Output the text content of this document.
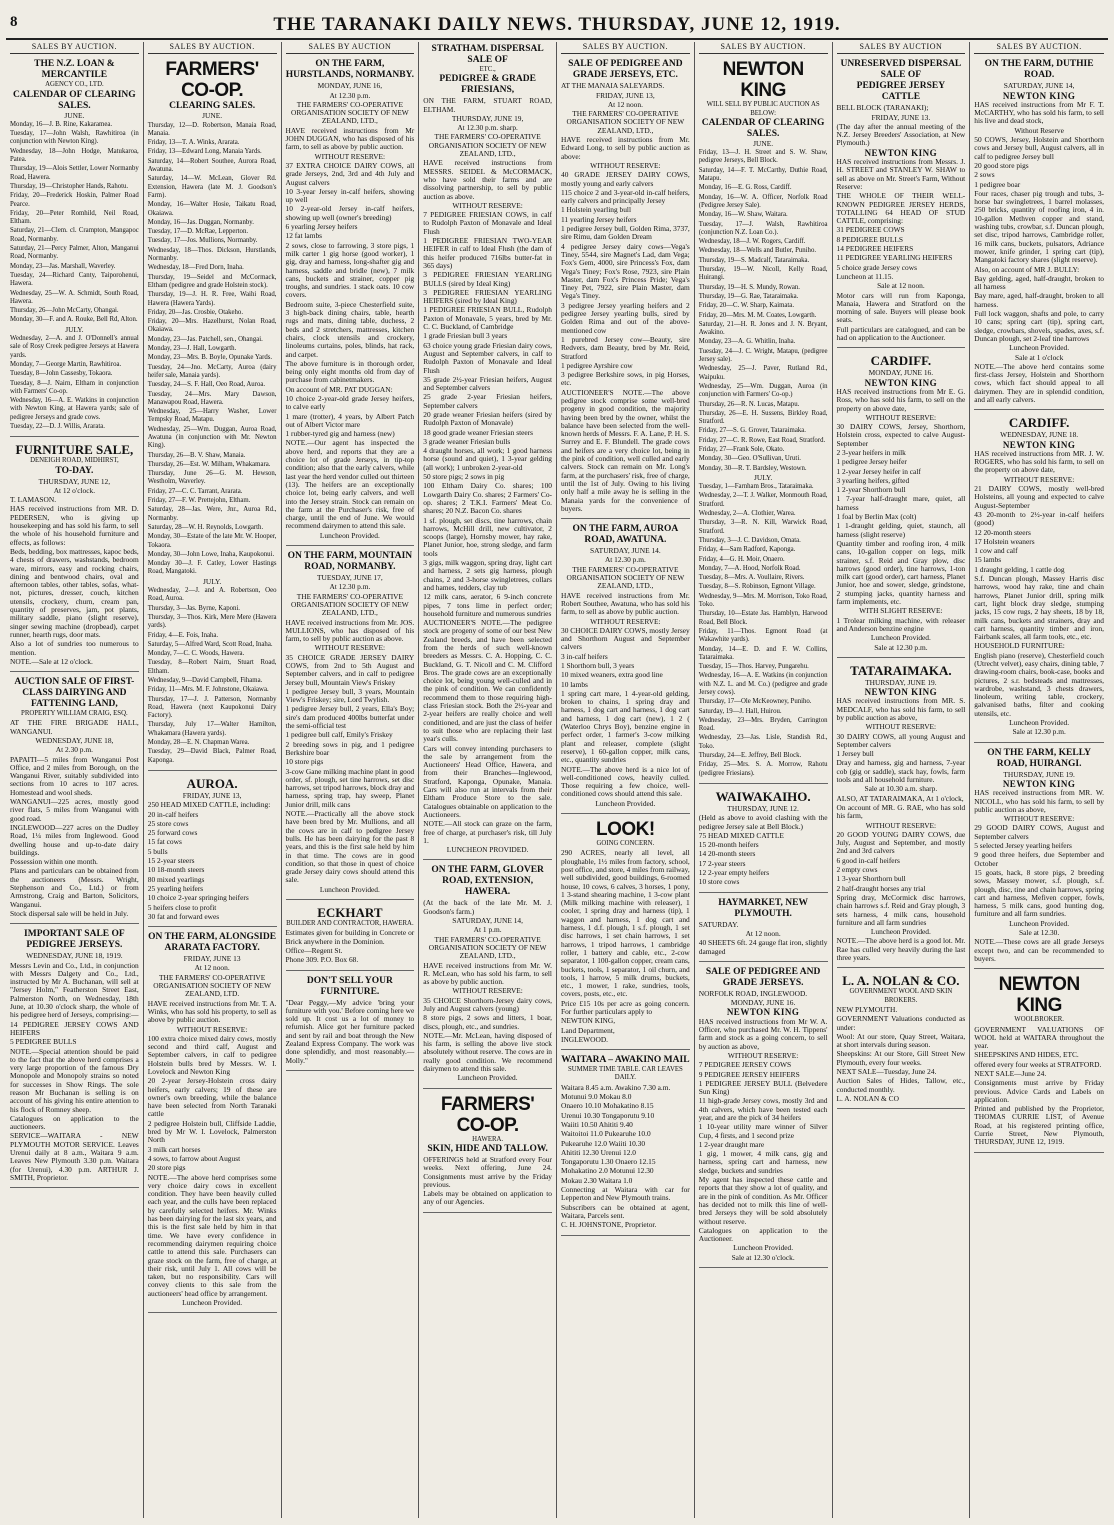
8	THE TARANAKI DAILY NEWS. THURSDAY, JUNE 12, 1919.
SALES BY AUCTION.
THE N.Z. LOAN & MERCANTILE
AGENCY CO., LTD.
CALENDAR OF CLEARING SALES.
JUNE.

Monday, 16—J. B. Rine, Kakaramea.

Tuesday, 17—John Walsh, Rawhitiroa (in conjunction with Newton King).

Wednesday, 18—John Hodge, Matukaroa, Patea.

Thursday, 19—Alois Settler, Lower Normanby Road, Hawera.

Thursday, 19—Christopher Hands, Rahotu.

Friday, 20—Frederick Hoskin, Palmer Road Pearce.

Friday, 20—Peter Romhild, Neil Road, Eltham.

Saturday, 21—Clem. cl. Crampton, Mangapoc Road, Normanby.

Saturday, 21—Percy Palmer, Alton, Manganui Road, Normanby.

Monday, 23—Jas. Marshall, Waverley.

Tuesday, 24—Richard Canty, Taiporohenui, Hawera.

Wednesday, 25—W. A. Schmidt, South Road, Hawera.

Thursday, 26—John McCarty, Ohangai.

Monday, 30—F. and A. Rouke, Bell Rd, Alton.

JULY.

Wednesday, 2—A. and J. O'Donnell's annual sale of Rosy Creek pedigree Jerseys at Hawera yards.

Monday, 7—George Martin, Rawhitiroa.

Tuesday, 8—John Cassesby, Tokaora.

Tuesday, 8—J. Nairn, Eltham in conjunction with Farmers' Co-op.

Wednesday, 16—A. E. Watkins in conjunction with Newton King, at Hawera yards; sale of pedigree Jerseys and grade cows.

Tuesday, 22—D. J. Willis, Ararata.

FURNITURE SALE,
DENEIGH ROAD, MIDHIRST,
TO-DAY.

THURSDAY, JUNE 12,

At 12 o'clock.

T. LAMASON.

HAS received instructions from MR. D. PEDERSEN, who is giving up housekeeping and has sold his farm, to sell the whole of his household furniture and effects, as follows:

Beds, bedding, box mattresses, kapoc beds, 4 chests of drawers, washstands, bedroom ware, mirrors, easy and rocking chairs, dining and bentwood chairs, oval and afternoon tables, other tables, sofas, what-not, pictures, dresser, couch, kitchen utensils, crockery, churn, cream pan, quantity of preserves, jam, pot plants, military saddle, piano (slight reserve), singer sewing machine (dropbead), carpet runner, hearth rugs, door mats.

Also a lot of sundries too numerous to mention.

NOTE.—Sale at 12 o'clock.

AUCTION SALE OF FIRST-CLASS DAIRYING AND FATTENING LAND,
PROPERTY WILLIAM CRAIG, ESQ.

AT THE FIRE BRIGADE HALL, WANGANUI.

WEDNESDAY, JUNE 18,

At 2.30 p.m.

PAPAITI—5 miles from Wanganui Post Office, and 2 miles from Borough, on the Wanganui River, suitably subdivided into sections from 10 acres to 107 acres. Homestead and wool sheds.

WANGANUI—225 acres, mostly good river flats, 5 miles from Wanganui with good road.

INGLEWOOD—227 acres on the Dudley Road, 1¼ miles from Inglewood. Good dwelling house and up-to-date dairy buildings.

Possession within one month.

Plans and particulars can be obtained from the auctioneers (Messrs. Wright, Stephenson and Co., Ltd.) or from Armstrong, Craig and Barton, Solicitors, Wanganui.

Stock dispersal sale will be held in July.

IMPORTANT SALE OF PEDIGREE JERSEYS.

WEDNESDAY, JUNE 18, 1919.

Messrs Levin and Co., Ltd., in conjunction with Messrs Dalgety and Co., Ltd., instructed by Mr A. Buchanan, will sell at "Jersey Holm," Featherston Street East, Palmerston North, on Wednesday, 18th June, at 10.30 o'clock sharp, the whole of his pedigree herd of Jerseys, comprising:—

14 PEDIGREE JERSEY COWS AND HEIFERS

5 PEDIGREE BULLS

NOTE.—Special attention should be paid to the fact that the above herd comprises a very large proportion of the famous Dry Monopole and Monopoly strains so noted for successes in Show Rings. The sole reason Mr Buchanan is selling is on account of his giving his entire attention to his flock of Romney sheep.

Catalogues on application to the auctioneers.

SERVICE—WAITARA - NEW PLYMOUTH MOTOR SERVICE. Leaves Urenui daily at 8 a.m., Waitara 9 a.m. Leaves New Plymouth 3.30 p.m. Waitara (for Urenui), 4.30 p.m. ARTHUR J. SMITH, Proprietor.

SALES BY AUCTION.
FARMERS' CO-OP.
CLEARING SALES.
JUNE.

Thursday, 12—D. Robertson, Manaia Road, Manaia.

Friday, 13—T. A. Winks, Ararata.

Friday, 13—Edward Long, Manaia Yards.

Saturday, 14—Robert Southee, Aurora Road, Awatuna.

Saturday, 14—W. McLean, Glover Rd. Extension, Hawera (late M. J. Goodson's Farm).

Monday, 16—Walter Hosie, Taikatu Road, Okaiawa.

Monday, 16—Jas. Duggan, Normanby.

Tuesday, 17—D. McRae, Lepperton.

Tuesday, 17—Jos. Mullions, Normanby.

Wednesday, 18—Thos. Dickson, Hurstlands, Normanby.

Wednesday, 18—Fred Dorn, Inaha.

Thursday, 19—Seidel and McCormack, Eltham (pedigree and grade Holstein stock).

Thursday, 19—J. H. R. Free, Waihi Road, Hawera (Hawera Yards).

Friday, 20—Jas. Crosbie, Otakeho.

Friday, 20—Mrs. Hazelhurst, Nolan Road, Okaiawa.

Monday, 23—Jas. Patchell, sen., Ohangai.

Monday, 23—J. Hall, Lowgarth.

Monday, 23—Mrs. B. Boyle, Opunake Yards.

Tuesday, 24—Jno. McCarty, Auroa (dairy heifer sale, Manaia yards).

Tuesday, 24—S. F. Hall, Oeo Road, Auroa.

Tuesday, 24—Mrs. Mary Dawson, Manawapou Road, Hawera.

Wednesday, 25—Harry Washer, Lower Tempsky Road, Matapu.

Wednesday, 25—Wm. Duggan, Auroa Road, Awatuna (in conjunction with Mr. Newton King).

Thursday, 26—B. V. Shaw, Manaia.

Thursday, 26—Est. W. Milham, Whakamara.

Thursday, June 26—G. M. Hewson, Westholm, Waverley.

Friday, 27—C. C. Tarrant, Ararata.

Friday, 27—F. W. Prettejohn, Eltham.

Saturday, 28—Jas. Were, Jnr., Auroa Rd., Normanby.

Saturday, 28—W. H. Reynolds, Lowgarth.

Monday, 30—Estate of the late Mr. W. Hooper, Tokaora.

Monday, 30—John Lowe, Inaha, Kaupokonui.

Monday 30—J. F. Catley, Lower Hastings Road, Mangatoki.

JULY.

Wednesday, 2—J. and A. Robertson, Oeo Road, Auroa.

Thursday, 3—Jas. Byrne, Kaponi.

Thursday, 3—Thos. Kirk, Mere Mere (Hawera yards).

Friday, 4—E. Fois, Inaha.

Saturday, 5—Alfred Ward, Scott Road, Inaha.

Monday, 7—C. C. Woods, Hawera.

Tuesday, 8—Robert Nairn, Stuart Road, Eltham.

Wednesday, 9—David Campbell, Fihama.

Friday, 11—Mrs. M. F. Johnstone, Okaiawa.

Thursday, 17—J. J. Patterson, Normanby Road, Hawera (next Kaupokonui Dairy Factory).

Thursday, July 17—Walter Hamilton, Whakamara (Hawera yards).

Monday, 28—E. N. Chapman Warea.

Tuesday, 29—David Black, Palmer Road, Kaponga.

AUROA.

FRIDAY, JUNE 13,

250 HEAD MIXED CATTLE, including:

20 in-calf heifers

25 store cows

25 forward cows

15 fat cows

5 bulls

15 2-year steers

10 18-month steers

80 mixed yearlings

25 yearling heifers

10 choice 2-year springing heifers

5 heifers close to profit

30 fat and forward ewes

ON THE FARM, ALONGSIDE ARARATA FACTORY.

FRIDAY, JUNE 13

At 12 noon.

THE FARMERS' CO-OPERATIVE ORGANISATION SOCIETY OF NEW ZEALAND, LTD.

HAVE received instructions from Mr. T. A. Winks, who has sold his property, to sell as above by public auction.

WITHOUT RESERVE:

100 extra choice mixed dairy cows, mostly second and third calf, August and September calvers, in calf to pedigree Holstein bulls bred by Messrs. W. I. Lovelock and Newton King

20 2-year Jersey-Holstein cross dairy heifers, early calvers; 19 of these are owner's own breeding, while the balance have been selected from North Taranaki cattle

2 pedigree Holstein bull, Cliffside Laddie, bred by Mr W. I. Lovelock, Palmerston North

3 milk cart horses

4 sows, to farrow about August

20 store pigs

NOTE.—The above herd comprises some very choice dairy cows in excellent condition. They have been heavily culled each year, and the culls have been replaced by carefully selected heifers. Mr. Winks has been dairying for the last six years, and this is the first sale held by him in that time. We have every confidence in recommending dairymen requiring choice cattle to attend this sale. Purchasers can graze stock on the farm, free of charge, at their risk, until July 1. All cows will be taken, but no responsibility. Cars will convey clients to this sale from the auctioneers' head office by arrangement.

Luncheon Provided.

SALES BY AUCTION
ON THE FARM, HURSTLANDS, NORMANBY.

MONDAY, JUNE 16,

At 12.30 p.m.

THE FARMERS' CO-OPERATIVE ORGANISATION SOCIETY OF NEW ZEALAND, LTD.,

HAVE received instructions from Mr JOHN DUGGAN, who has disposed of his farm, to sell as above by public auction.

WITHOUT RESERVE:

37 EXTRA CHOICE DAIRY COWS, all grade Jerseys, 2nd, 3rd and 4th July and August calvers

10 3-year Jersey in-calf heifers, showing up well

10 2-year-old Jersey in-calf heifers, showing up well (owner's breeding)

6 yearling Jersey heifers

12 fat lambs

2 sows, close to farrowing, 3 store pigs, 1 milk carter 1 gig horse (good worker), 1 gig, dray and harness, long-shafter gig and harness, saddle and bridle (new), 7 milk cans, buckets and strainer, copper pig troughs, and sundries. 1 stack oats. 10 cow covers.

Bedroom suite, 3-piece Chesterfield suite, 3 high-back dining chairs, table, hearth rugs and mats, dining table, duchess, 2 beds and 2 stretchers, mattresses, kitchen chairs, clock utensils and crockery, linoleums curtains, poles, blinds, hat rack, and carpet.

The above furniture is in thorough order, being only eight months old from day of purchase from cabinetmakers.

On account of MR. PAT DUGGAN:

10 choice 2-year-old grade Jersey heifers, to calve early

1 mare (trotter), 4 years, by Albert Patch out of Albert Victor mare

1 rubber-tyred gig and harness (new)

NOTE.—Our agent has inspected the above herd, and reports that they are a choice lot of grade Jerseys, in tip-top condition; also that the early calvers, while last year the herd vendor culled out thirteen (13). The heifers are an exceptionally choice lot, being early calvers, and well into the Jersey strain. Stock can remain on the farm at the Purchaser's risk, free of charge, until the end of June. We would recommend dairymen to attend this sale.

Luncheon Provided.

ON THE FARM, MOUNTAIN ROAD, NORMANBY.

TUESDAY, JUNE 17,

At 12.30 p.m.

THE FARMERS' CO-OPERATIVE ORGANISATION SOCIETY OF NEW ZEALAND, LTD.,

HAVE received instructions from Mr. JOS. MULLIONS, who has disposed of his farm, to sell by public auction as above.

WITHOUT RESERVE:

35 CHOICE GRADE JERSEY DAIRY COWS, from 2nd to 5th August and September calvers, and in calf to pedigree Jersey bull, Mountain View's Friskey

1 pedigree Jersey bull, 3 years, Mountain View's Friskey; sire, Lord Twylish.

1 pedigree Jersey bull, 2 years, Ella's Boy; sire's dam produced 400lbs butterfat under the semi-official test

1 pedigree bull calf, Emily's Friskey

2 breeding sows in pig, and 1 pedigree Berkshire boar

10 store pigs

3-cow Gane milking machine plant in good order, sf. plough, set tine harrows, set disc harrows, set tripod harrows, block dray and harness, spring trap, hay sweep, Planet Junior drill, milk cans

NOTE.—Practically all the above stock have been bred by Mr. Mullions, and all the cows are in calf to pedigree Jersey bulls. He has been dairying for the past 8 years, and this is the first sale held by him in that time. The cows are in good condition, so that those in quest of choice grade Jersey dairy cows should attend this sale.

Luncheon Provided.

ECKHART
BUILDER AND CONTRACTOR, HAWERA.

Estimates given for building in Concrete or Brick anywhere in the Dominion.

Office—Regent St.

Phone 309. P.O. Box 68.

DON'T SELL YOUR FURNITURE.

"Dear Peggy,—My advice 'bring your furniture with you.' Before coming here we sold up. It cost us a lot of money to refurnish. Alice got her furniture packed and sent by rail and boat through the New Zealand Express Company. The work was done splendidly, and most reasonably.—Molly."

STRATHAM. DISPERSAL SALE OF
ETC.,
PEDIGREE & GRADE FRIESIANS,

ON THE FARM, STUART ROAD, ELTHAM.

THURSDAY, JUNE 19,

At 12.30 p.m. sharp.

THE FARMERS' CO-OPERATIVE ORGANISATION SOCIETY OF NEW ZEALAND, LTD.,

HAVE received instructions from MESSRS. SEIDEL & McCORMACK, who have sold their farms and are dissolving partnership, to sell by public auction as above.

WITHOUT RESERVE:

7 PEDIGREE FRIESIAN COWS, in calf to Rudolph Paxton of Monavale and Ideal Flush

1 PEDIGREE FRIESIAN TWO-YEAR HEIFER in calf to Ideal Flush (the dam of this heifer produced 716lbs butter-fat in 365 days)

3 PEDIGREE FRIESIAN YEARLING BULLS (sired by Ideal King)

3 PEDIGREE FRIESIAN YEARLING HEIFERS (sired by Ideal King)

1 PEDIGREE FRIESIAN BULL, Rudolph Paxton of Monavale, 5 years, bred by Mr. C. C. Buckland, of Cambridge

1 grade Friesian bull 3 years

63 choice young grade Friesian dairy cows, August and September calvers, in calf to Rudolph Paxton of Monavale and Ideal Flush

35 grade 2½-year Friesian heifers, August and September calvers

25 grade 2-year Friesian heifers, September calvers

20 grade weaner Friesian heifers (sired by Rudolph Paxton of Monavale)

18 good grade weaner Friesian steers

3 grade weaner Friesian bulls

4 draught horses, all work; 1 good harness horse (sound and quiet), 1 3-year gelding (all work); 1 unbroken 2-year-old

50 store pigs; 2 sows in pig

100 Eltham Dairy Co. shares; 100 Lowgarth Dairy Co. shares; 2 Farmers' Co-op. shares; 2 T.K.I. Farmers' Meat Co. shares; 20 N.Z. Bacon Co. shares

1 sf. plough, set discs, tine harrows, chain harrows, McHill drill, new cultivator, 2 scoops (large), Hornsby mower, hay rake, Planet Junior, hoe, strong sledge, and farm tools

3 gigs, milk waggon, spring dray, light cart and harness, 2 sets gig harness, plough chains, 2 and 3-horse swingletrees, collars and hames, tedders, clay tub

12 milk cans, aerator, 6 9-inch concrete pipes, 7 tons lime in perfect order; household furniture and numerous sundries

AUCTIONEER'S NOTE.—The pedigree stock are progeny of some of our best New Zealand breeds, and have been selected from the herds of such well-known breeders as Messrs. C. A. Hopping, C. C. Buckland, G. T. Nicoll and C. M. Clifford Bros. The grade cows are an exceptionally choice lot, being young well-culled and in the pink of condition. We can confidently recommend them to those requiring high-class Friesian stock. Both the 2½-year and 2-year heifers are really choice and well conditioned, and are just the class of heifer to suit those who are replacing their last year's culls.

Cars will convey intending purchasers to the sale by arrangement from the Auctioneers' Head Office, Hawera, and from their Branches—Inglewood, Stratford, Kaponga, Opunake, Manaia. Cars will also run at intervals from their Eltham Produce Store to the sale. Catalogues obtainable on application to the Auctioneers.

NOTE.—All stock can graze on the farm, free of charge, at purchaser's risk, till July 1.

LUNCHEON PROVIDED.

ON THE FARM, GLOVER ROAD, EXTENSION, HAWERA.

(At the back of the late Mr. M. J. Goodson's farm.)

SATURDAY, JUNE 14,

At 1 p.m.

THE FARMERS' CO-OPERATIVE ORGANISATION SOCIETY OF NEW ZEALAND, LTD.,

HAVE received instructions from Mr. W. R. McLean, who has sold his farm, to sell as above by public auction.

WITHOUT RESERVE:

35 CHOICE Shorthorn-Jersey dairy cows, July and August calvers (young)

8 store pigs, 2 sows and litters, 1 boar, discs, plough, etc., and sundries.

NOTE.—Mr. McLean, having disposed of his farm, is selling the above live stock absolutely without reserve. The cows are in really good condition. We recommend dairymen to attend this sale.

Luncheon Provided.

FARMERS' CO-OP.
HAWERA.
SKIN, HIDE AND TALLOW.

OFFERINGS held at Stratford every Four weeks. Next offering, June 24. Consignments must arrive by the Friday previous.

Labels may be obtained on application to any of our Agencies.

SALES BY AUCTION.
SALE OF PEDIGREE AND GRADE JERSEYS, ETC.

AT THE MANAIA SALEYARDS.

FRIDAY, JUNE 13,

At 12 noon.

THE FARMERS' CO-OPERATIVE ORGANISATION SOCIETY OF NEW ZEALAND, LTD.,

HAVE received instructions from Mr. Edward Long, to sell by public auction as above:

WITHOUT RESERVE:

40 GRADE JERSEY DAIRY COWS, mostly young and early calvers

115 choice 2 and 3-year-old in-calf heifers, early calvers and principally Jersey

1 Holstein yearling bull

11 yearling Jersey heifers

1 pedigree Jersey bull, Golden Rima, 3737, sire Rimu, dam Golden Dream

4 pedigree Jersey dairy cows—Vega's Tiney, 5544, sire Magnet's Lad, dam Vega; Fox's Gem, 4000, sire Princess's Fox, dam Vega's Tiney; Fox's Rose, 7923, sire Plain Master, dam Fox's Princess Pride; Vega's Tiney Pet, 7922, sire Plain Master, dam Vega's Tiney.

3 pedigree Jersey yearling heifers and 2 pedigree Jersey yearling bulls, sired by Golden Rima and out of the above-mentioned cow

1 purebred Jersey cow—Beauty, sire Redvers, dam Beauty, bred by Mr. Reid, Stratford

1 pedigree Ayrshire cow

3 pedigree Berkshire sows, in pig Horses, etc.

AUCTIONEER'S NOTE.—The above pedigree stock comprise some well-bred progeny in good condition, the majority having been bred by the owner, whilst the balance have been selected from the well-known herds of Messrs. F. A. Lane, P. H. S. Surrey and E. F. Blundell. The grade cows and heifers are a very choice lot, being in the pink of condition, well culled and early calvers. Stock can remain on Mr. Long's farm, at the purchasers' risk, free of charge, until the 1st of July. Owing to his living only half a mile away he is selling in the Manaia yards for the convenience of buyers.

ON THE FARM, AUROA ROAD, AWATUNA.

SATURDAY, JUNE 14.

At 12.30 p.m.

THE FARMERS' CO-OPERATIVE ORGANISATION SOCIETY OF NEW ZEALAND, LTD.,

HAVE received instructions from Mr. Robert Southee, Awatuna, who has sold his farm, to sell as above by public auction.

WITHOUT RESERVE:

30 CHOICE DAIRY COWS, mostly Jersey and Shorthorn August and September calvers

3 in-calf heifers

1 Shorthorn bull, 3 years

10 mixed weaners, extra good line

10 lambs

1 spring cart mare, 1 4-year-old gelding, broken to chains, 1 spring dray and harness, 1 dog cart and harness, 1 dog cart and harness, 1 dog cart (new), 1 2 ( (Waterloo Chrys Boy), benzine engine in perfect order, 1 farmer's 3-cow milking plant and releaser, complete (slight reserve), 1 60-gallon copper, milk cans, etc., quantity sundries

NOTE.—The above herd is a nice lot of well-conditioned cows, heavily culled. Those requiring a few choice, well-conditioned cows should attend this sale.

Luncheon Provided.

LOOK!
GOING CONCERN.

290 ACRES, nearly all level, all ploughable, 1½ miles from factory, school, post office, and store, 4 miles from railway, well subdivided, good buildings, 6-roomed house, 10 cows, 6 calves, 3 horses, 1 pony, 1 3-stand shearing machine, 1 3-cow plant (Milk milking machine with releaser), 1 cooler, 1 spring dray and harness (tip), 1 waggon and harness, 1 dog cart and harness, 1 d.f. plough, 1 s.f. plough, 1 set disc harrows, 1 set chain harrows, 1 set harrows, 1 tripod harrows, 1 cambridge roller, 1 battery and cable, etc., 2-cow separator, 1 100-gallon copper, cream cans, buckets, tools, 1 separator, 1 oil churn, and tools, 1 harrow, 5 milk drums, buckets, etc., 1 mower, 1 rake, sundries, tools, covers, posts, etc., etc.

Price £15 10s per acre as going concern. For further particulars apply to

NEWTON KING,

Land Department,

INGLEWOOD.

WAITARA – AWAKINO MAIL
SUMMER TIME TABLE. CAR LEAVES DAILY.

Waitara 8.45 a.m. Awakino 7.30 a.m.

Motunui 9.0 Mokau 8.0

Onaero 10.10 Mohakatino 8.15

Urenui 10.30 Tongaporutu 9.10

Waiiti 10.50 Ahititi 9.40

Waitoitoi 11.0 Pukearuhe 10.0

Pukearuhe 12.0 Waiiti 10.30

Ahititi 12.30 Urenui 12.0

Tongaporutu 1.30 Onaero 12.15

Mohakatino 2.0 Motunui 12.30

Mokau 2.30 Waitara 1.0

Connecting at Waitara with car for Lepperton and New Plymouth trains.

Subscribers can be obtained at agent, Waitara, Parcels sent.

C. H. JOHNSTONE, Proprietor.

SALES BY AUCTION.
NEWTON KING
WILL SELL BY PUBLIC AUCTION AS BELOW:
CALENDAR OF CLEARING SALES.
JUNE.

Friday, 13—J. H. Street and S. W. Shaw, pedigree Jerseys, Bell Block.

Saturday, 14—F. T. McCarthy, Duthie Road, Matapu.

Monday, 16—E. G. Ross, Cardiff.

Monday, 16—W. A. Officer, Norfolk Road (Pedigree Jersey Sale).

Monday, 16—W. Shaw, Waitara.

Tuesday, 17—J. Walsh, Rawhitiroa (conjunction N.Z. Loan Co.).

Wednesday, 18—J. W. Rogers, Cardiff.

Wednesday, 18—Wells and Butler, Puniho.

Thursday, 19—S. Madcalf, Tataraimaka.

Thursday, 19—W. Nicoll, Kelly Road, Huirangi.

Thursday, 19—H. S. Mundy, Rowan.

Thursday, 19—G. Rae, Tataraimaka.

Friday, 20—C. W. Sharp, Kaimata.

Friday, 20—Mrs. M. M. Coates, Lowgarth.

Saturday, 21—H. R. Jones and J. N. Bryant, Awakino.

Monday, 23—A. G. Whitlin, Inaha.

Tuesday, 24—J. C. Wright, Matapu, (pedigree Jersey sale).

Wednesday, 25—J. Paver, Rutland Rd., Waipuku.

Wednesday, 25—Wm. Duggan, Auroa (in conjunction with Farmers' Co-op.)

Thursday, 26—R. N. Lucas, Matapu.

Thursday, 26—E. H. Sussens, Birkley Road, Stratford.

Friday, 27—S. G. Grover, Tataraimaka.

Friday, 27—C. R. Rowe, East Road, Stratford.

Friday, 27—Frank Sole, Okato.

Monday, 30—Geo. O'Sullivan, Uruti.

Monday, 30—R. T. Bardsley, Westown.

JULY.

Tuesday, 1—Farnham Bros., Tataraimaka.

Wednesday, 2—T. J. Walker, Monmouth Road, Stratford.

Wednesday, 2—A. Clothier, Warea.

Thursday, 3—R. N. Kill, Warwick Road, Stratford.

Thursday, 3—J. C. Davidson, Omata.

Friday, 4—Sam Radford, Kaponga.

Friday, 4—G. H. Moir, Onaero.

Monday, 7—A. Hood, Norfolk Road.

Tuesday, 8—Mrs. A. Voullaire, Rivers.

Tuesday, 8—S. Robinson, Egmont Village.

Wednesday, 9—Mrs. M. Morrison, Toko Road, Toko.

Thursday, 10—Estate Jas. Hamblyn, Harwood Road, Bell Block.

Friday, 11—Thos. Egmont Road (at Wakawhite yards).

Monday, 14—E. D. and F. W. Collins, Tataraimaka.

Tuesday, 15—Thos. Harvey, Pungarehu.

Wednesday, 16—A. E. Watkins (in conjunction with N.Z. L. and M. Co.) (pedigree and grade Jersey cows).

Thursday, 17—Ole McKeowney, Puniho.

Saturday, 19—J. Hall, Huirou.

Wednesday, 23—Mrs. Bryden, Carrington Road.

Wednesday, 23—Jas. Lisle, Standish Rd., Toko.

Thursday, 24—E. Jeffrey, Bell Block.

Friday, 25—Mrs. S. A. Morrow, Rahotu (pedigree Friesians).

WAIWAKAIHO.

THURSDAY, JUNE 12.

(Held as above to avoid clashing with the pedigree Jersey sale at Bell Block.)

75 HEAD MIXED CATTLE

15 20-month heifers

14 20-month steers

17 2-year steers

12 2-year empty heifers

10 store cows

HAYMARKET, NEW PLYMOUTH.

SATURDAY.

At 12 noon.

40 SHEETS 6ft. 24 gauge flat iron, slightly damaged

SALE OF PEDIGREE AND GRADE JERSEYS.

NORFOLK ROAD, INGLEWOOD.

MONDAY, JUNE 16.

NEWTON KING

HAS received instructions from Mr W. A. Officer, who purchased Mr. W. H. Tippens' farm and stock as a going concern, to sell by auction as above,

WITHOUT RESERVE:

7 PEDIGREE JERSEY COWS

9 PEDIGREE JERSEY HEIFERS

1 PEDIGREE JERSEY BULL (Belvedere Sun King)

11 high-grade Jersey cows, mostly 3rd and 4th calvers, which have been tested each year, and are the pick of 34 heifers

1 10-year utility mare winner of Silver Cup, 4 firsts, and 1 second prize

1 2-year draught mare

1 gig, 1 mower, 4 milk cans, gig and harness, spring cart and harness, new sledge, buckets and sundries

My agent has inspected these cattle and reports that they show a lot of quality, and are in the pink of condition. As Mr. Officer has decided not to milk this line of well-bred Jerseys they will be sold absolutely without reserve.

Catalogues on application to the Auctioneer.

Luncheon Provided.

Sale at 12.30 o'clock.

SALES BY AUCTION
UNRESERVED DISPERSAL SALE OF
PEDIGREE JERSEY CATTLE

BELL BLOCK (TARANAKI);

FRIDAY, JUNE 13.

(The day after the annual meeting of the N.Z. Jersey Breeders' Association, at New Plymouth.)

NEWTON KING

HAS received instructions from Messrs. J. H. STREET and STANLEY W. SHAW to sell as above on Mr. Street's Farm, Without Reserve:

THE WHOLE OF THEIR WELL-KNOWN PEDIGREE JERSEY HERDS, TOTALLING 64 HEAD OF STUD CATTLE, comprising:

31 PEDIGREE COWS

8 PEDIGREE BULLS

14 PEDIGREE HEIFERS

11 PEDIGREE YEARLING HEIFERS

5 choice grade Jersey cows

Luncheon at 11.15.

Sale at 12 noon.

Motor cars will run from Kaponga, Manaia, Hawera and Stratford on the morning of sale. Buyers will please book seats.

Full particulars are catalogued, and can be had on application to the Auctioneer.

CARDIFF.

MONDAY, JUNE 16.

NEWTON KING

HAS received instructions from Mr E. G. Ross, who has sold his farm, to sell on the property on above date,

WITHOUT RESERVE:

30 DAIRY COWS, Jersey, Shorthorn, Holstein cross, expected to calve August-September

2 3-year heifers in milk

1 pedigree Jersey heifer

1 2-year Jersey heifer in calf

3 yearling heifers, gifted

1 2-year Shorthorn bull

1 7-year half-draught mare, quiet, all harness

1 foal by Berlin Max (colt)

1 1-draught gelding, quiet, staunch, all harness (slight reserve)

Quantity timber and roofing iron, 4 milk cans, 10-gallon copper on legs, milk strainer, s.f. Reid and Gray plow, disc harrows (good order), tine harrows, 1-ton milk cart (good order), cart harness, Planet Junior, hoe and sower, sledge, grindstone, 2 stumping jacks, quantity harness and farm implements, etc.

WITH SLIGHT RESERVE:

1 Trolear milking machine, with releaser and Anderson benzine engine

Luncheon Provided.

Sale at 12.30 p.m.

TATARAIMAKA.

THURSDAY, JUNE 19.

NEWTON KING

HAS received instructions from MR. S. MEDCALF, who has sold his farm, to sell by public auction as above,

WITHOUT RESERVE:

30 DAIRY COWS, all young August and September calvers

1 Jersey bull

Dray and harness, gig and harness, 7-year cob (gig or saddle), stack hay, fowls, farm tools and all household furniture.

Sale at 10.30 a.m. sharp.

ALSO, AT TATARAIMAKA, At 1 o'clock,

On account of MR. G. RAE, who has sold his farm,

WITHOUT RESERVE:

20 GOOD YOUNG DAIRY COWS, due July, August and September, and mostly 2nd and 3rd calvers

6 good in-calf heifers

2 empty cows

1 3-year Shorthorn bull

2 half-draught horses any trial

Spring dray, McCormick disc harrows, chain harrows s.f. Reid and Gray plough, 3 sets harness, 4 milk cans, household furniture and all farm sundries

Luncheon Provided.

NOTE.—The above herd is a good lot. Mr. Rae has culled very heavily during the last three years.

L. A. NOLAN & CO.
GOVERNMENT WOOL AND SKIN BROKERS.

NEW PLYMOUTH.

GOVERNMENT Valuations conducted as under:

Wool: At our store, Quay Street, Waitara, at short intervals during season.

Sheepskins: At our Store, Gill Street New Plymouth, every four weeks.

NEXT SALE—Tuesday, June 24.

Auction Sales of Hides, Tallow, etc., conducted monthly.

L. A. NOLAN & CO

SALES BY AUCTION.
ON THE FARM, DUTHIE ROAD.

SATURDAY, JUNE 14,

NEWTON KING

HAS received instructions from Mr F. T. McCARTHY, who has sold his farm, to sell his live and dead stock,

Without Reserve

50 COWS, Jersey, Holstein and Shorthorn cows and Jersey bull, August calvers, all in calf to pedigree Jersey bull

20 good store pigs

2 sows

1 pedigree boar

Four races, chaser pig trough and tubs, 3-horse bar swingletrees, 1 barrel molasses, 250 bricks, quantity of roofing iron, 4 in. 10-gallon Methven copper and stand, washing tubs, crowbar, s.f. Duncan plough, set disc, tripod harrows, Cambridge roller, 16 milk cans, buckets, pulsators, Adriance mower, knife grinder, 1 spring cart (tip), Mangatoki factory shares (slight reserve).

Also, on account of MR J. BULLY:

Bay gelding, aged, half-draught, broken to all harness

Bay mare, aged, half-draught, broken to all harness.

Full lock waggon, shafts and pole, to carry 10 cans; spring cart (tip), spring cart, sledge, crowbars, shovels, spades, axes, s.f. Duncan plough, set 2-leaf tine harrows

Luncheon Provided.

Sale at 1 o'clock

NOTE.—The above herd contains some first-class Jersey, Holstein and Shorthorn cows, which fact should appeal to all dairymen. They are in splendid condition, and all early calvers.

CARDIFF.

WEDNESDAY, JUNE 18.

NEWTON KING

HAS received instructions from MR. J. W. ROGERS, who has sold his farm, to sell on the property on above date,

WITHOUT RESERVE:

21 DAIRY COWS, mostly well-bred Holsteins, all young and expected to calve August-September

43 20-month to 2½-year in-calf heifers (good)

12 20-month steers

17 Holstein weaners

1 cow and calf

15 lambs

1 draught gelding, 1 cattle dog

S.f. Duncan plough, Massey Harris disc harrows, wood hay rake, tine and chain harrows, Planet Junior drill, spring milk cart, light block dray sledge, stumping jacks, 15 cow rugs, 2 hay sheets, 18 by 18, milk cans, buckets and strainers, dray and cart harness, quantity timber and iron, Fairbank scales, all farm tools, etc., etc.

HOUSEHOLD FURNITURE:

English piano (reserve), Chesterfield couch (Utrecht velvet), easy chairs, dining table, 7 drawing-room chairs, book-case, books and pictures, 2 s.r. bedsteads and mattresses, wardrobe, washstand, 3 chests drawers, linoleum, writing table, crockery, galvanised baths, filter and cooking utensils, etc.

Luncheon Provided.

Sale at 12.30 p.m.

ON THE FARM, KELLY ROAD, HUIRANGI.

THURSDAY, JUNE 19.

NEWTON KING

HAS received instructions from MR. W. NICOLL, who has sold his farm, to sell by public auction as above,

WITHOUT RESERVE:

29 GOOD DAIRY COWS, August and September calvers

5 selected Jersey yearling heifers

9 good three heifers, due September and October

15 goats, hack, 8 store pigs, 2 breeding sows, Massey mower, s.f. plough, s.f. plough, disc, tine and chain harrows, spring cart and harness, Mefiven copper, fowls, harness, 5 milk cans, good hunting dog, furniture and all farm sundries.

Luncheon Provided.

Sale at 12.30.

NOTE.—These cows are all grade Jerseys except two, and can be recommended to buyers.

NEWTON KING
WOOLBROKER.

GOVERNMENT VALUATIONS OF WOOL held at WAITARA throughout the year.

SHEEPSKINS AND HIDES, ETC.

offered every four weeks at STRATFORD.

NEXT SALE—June 24.

Consignments must arrive by Friday previous. Advice Cards and Labels on application.

Printed and published by the Proprietor, THOMAS CURRIE LIST, of Avenue Road, at his registered printing office, Currie Street, New Plymouth, THURSDAY, JUNE 12, 1919.
